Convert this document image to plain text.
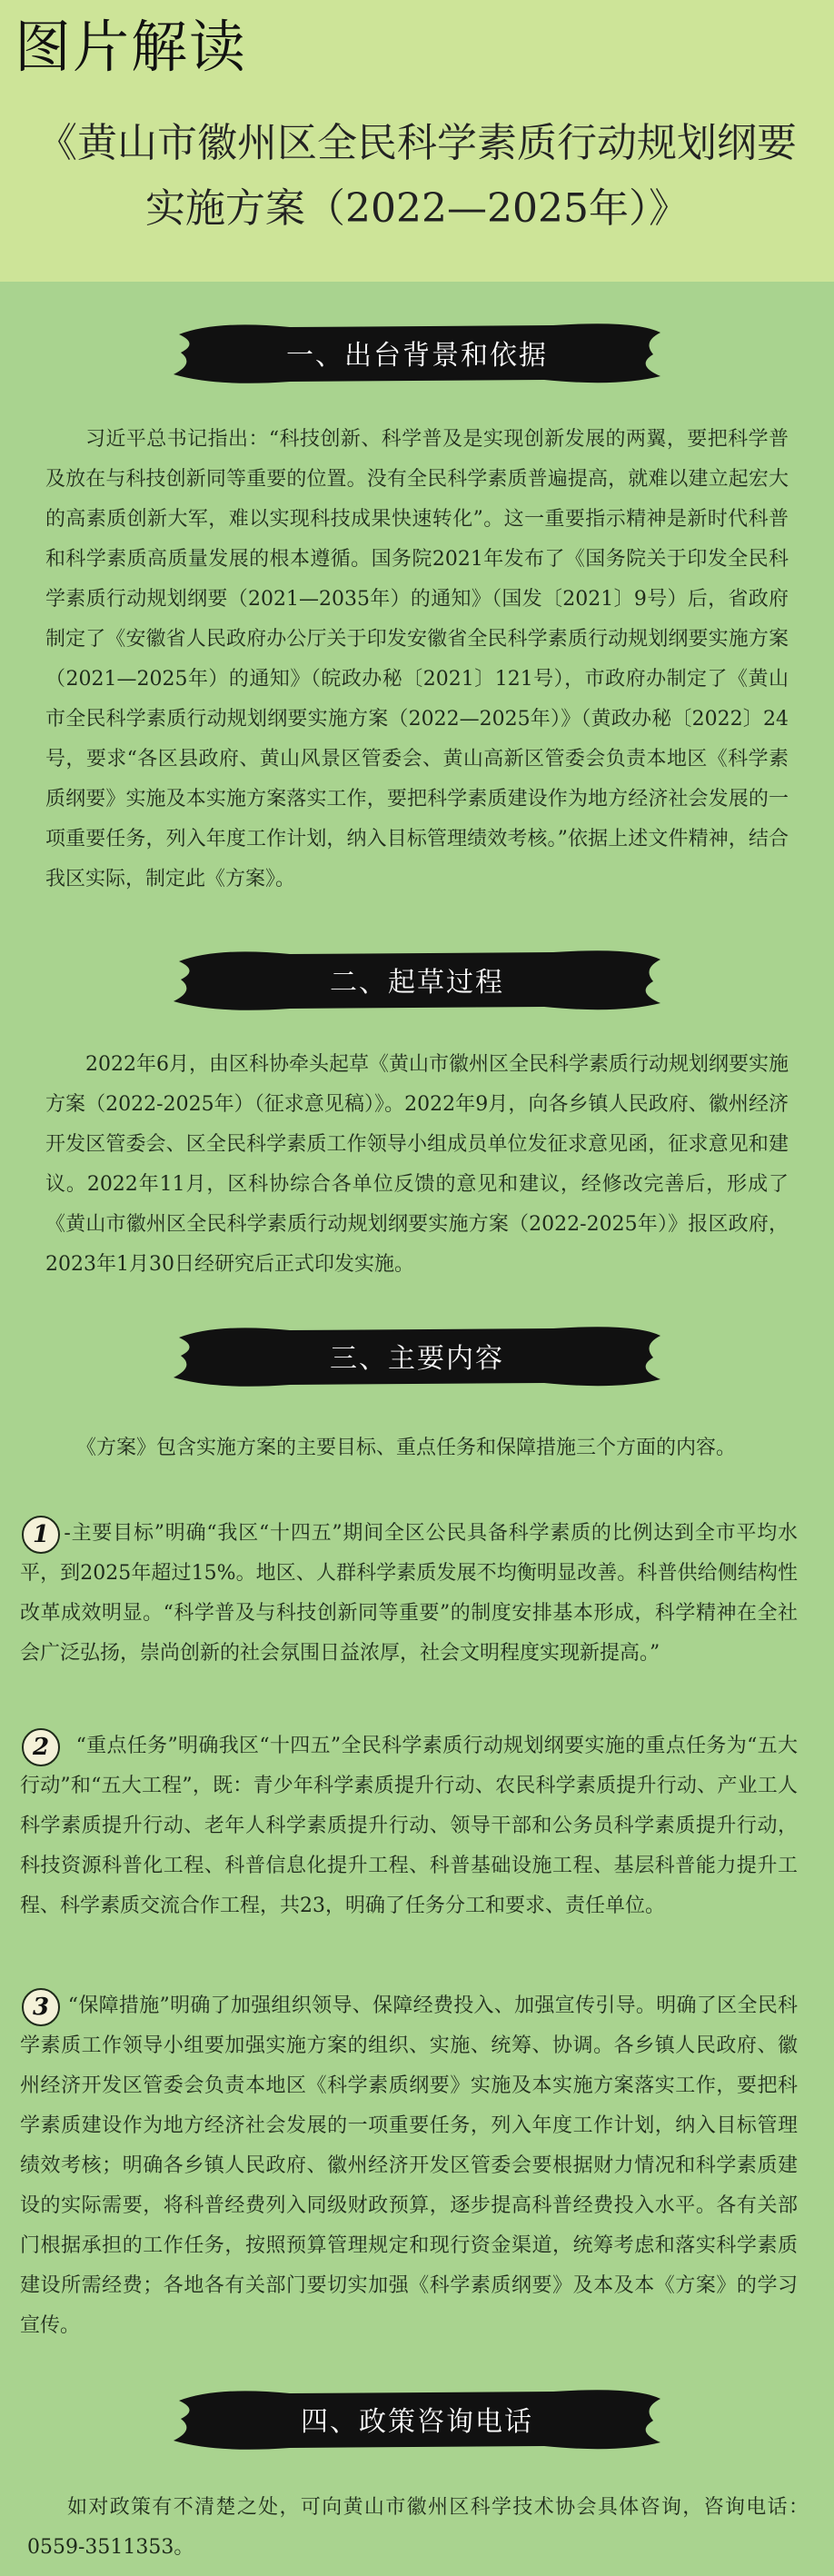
图片解读
《黄山市徽州区全民科学素质行动规划纲要
实施方案（2022—2025年）》
一、出台背景和依据

习近平总书记指出：“科技创新、科学普及是实现创新发展的两翼，要把科学普及放在与科技创新同等重要的位置。没有全民科学素质普遍提高，就难以建立起宏大的高素质创新大军，难以实现科技成果快速转化”。这一重要指示精神是新时代科普和科学素质高质量发展的根本遵循。国务院2021年发布了《国务院关于印发全民科学素质行动规划纲要（2021—2035年）的通知》（国发〔2021〕9号）后，省政府制定了《安徽省人民政府办公厅关于印发安徽省全民科学素质行动规划纲要实施方案（2021—2025年）的通知》（皖政办秘〔2021〕121号），市政府办制定了《黄山市全民科学素质行动规划纲要实施方案（2022—2025年）》（黄政办秘〔2022〕24号，要求“各区县政府、黄山风景区管委会、黄山高新区管委会负责本地区《科学素质纲要》实施及本实施方案落实工作，要把科学素质建设作为地方经济社会发展的一项重要任务，列入年度工作计划，纳入目标管理绩效考核。”依据上述文件精神，结合我区实际，制定此《方案》。

二、起草过程

2022年6月，由区科协牵头起草《黄山市徽州区全民科学素质行动规划纲要实施方案（2022-2025年）（征求意见稿）》。2022年9月，向各乡镇人民政府、徽州经济开发区管委会、区全民科学素质工作领导小组成员单位发征求意见函，征求意见和建议。2022年11月，区科协综合各单位反馈的意见和建议，经修改完善后，形成了《黄山市徽州区全民科学素质行动规划纲要实施方案（2022-2025年）》报区政府，2023年1月30日经研究后正式印发实施。

三、主要内容

《方案》包含实施方案的主要目标、重点任务和保障措施三个方面的内容。

1 -主要目标”明确“我区“十四五”期间全区公民具备科学素质的比例达到全市平均水平，到2025年超过15%。地区、人群科学素质发展不均衡明显改善。科普供给侧结构性改革成效明显。“科学普及与科技创新同等重要”的制度安排基本形成，科学精神在全社会广泛弘扬，崇尚创新的社会氛围日益浓厚，社会文明程度实现新提高。”

2	“重点任务”明确我区“十四五”全民科学素质行动规划纲要实施的重点任务为“五大行动”和“五大工程”，既：青少年科学素质提升行动、农民科学素质提升行动、产业工人科学素质提升行动、老年人科学素质提升行动、领导干部和公务员科学素质提升行动，科技资源科普化工程、科普信息化提升工程、科普基础设施工程、基层科普能力提升工程、科学素质交流合作工程，共23，明确了任务分工和要求、责任单位。

3 “保障措施”明确了加强组织领导、保障经费投入、加强宣传引导。明确了区全民科学素质工作领导小组要加强实施方案的组织、实施、统筹、协调。各乡镇人民政府、徽州经济开发区管委会负责本地区《科学素质纲要》实施及本实施方案落实工作，要把科学素质建设作为地方经济社会发展的一项重要任务，列入年度工作计划，纳入目标管理绩效考核；明确各乡镇人民政府、徽州经济开发区管委会要根据财力情况和科学素质建设的实际需要，将科普经费列入同级财政预算，逐步提高科普经费投入水平。各有关部门根据承担的工作任务，按照预算管理规定和现行资金渠道，统筹考虑和落实科学素质建设所需经费；各地各有关部门要切实加强《科学素质纲要》及本及本《方案》的学习宣传。

四、政策咨询电话

如对政策有不清楚之处，可向黄山市徽州区科学技术协会具体咨询，咨询电话：0559-3511353。
